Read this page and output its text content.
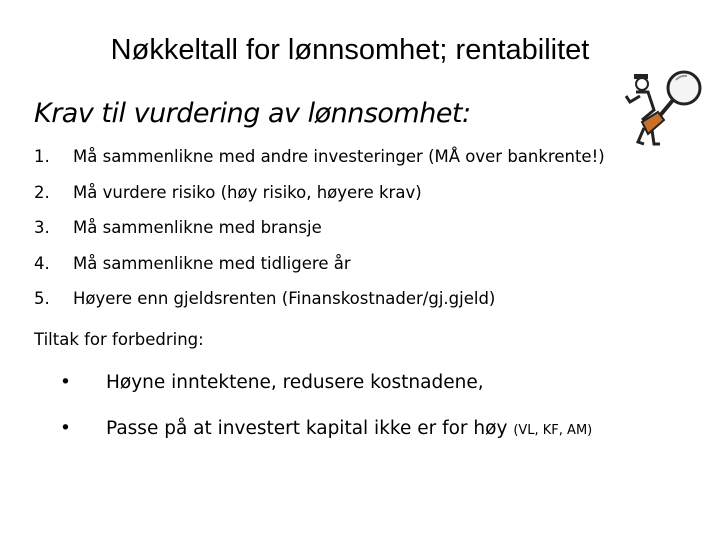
Nøkkeltall for lønnsomhet; rentabilitet
Krav til vurdering av lønnsomhet:
1.	Må sammenlikne med andre investeringer (MÅ over bankrente!)
2.	Må vurdere risiko (høy risiko, høyere krav)
3.	Må sammenlikne med bransje
4.	Må sammenlikne med tidligere år
5.	Høyere enn gjeldsrenten (Finanskostnader/gj.gjeld)
Tiltak for forbedring:
• Høyne inntektene, redusere kostnadene,
• Passe på at investert kapital ikke er for høy (VL, KF, AM)
